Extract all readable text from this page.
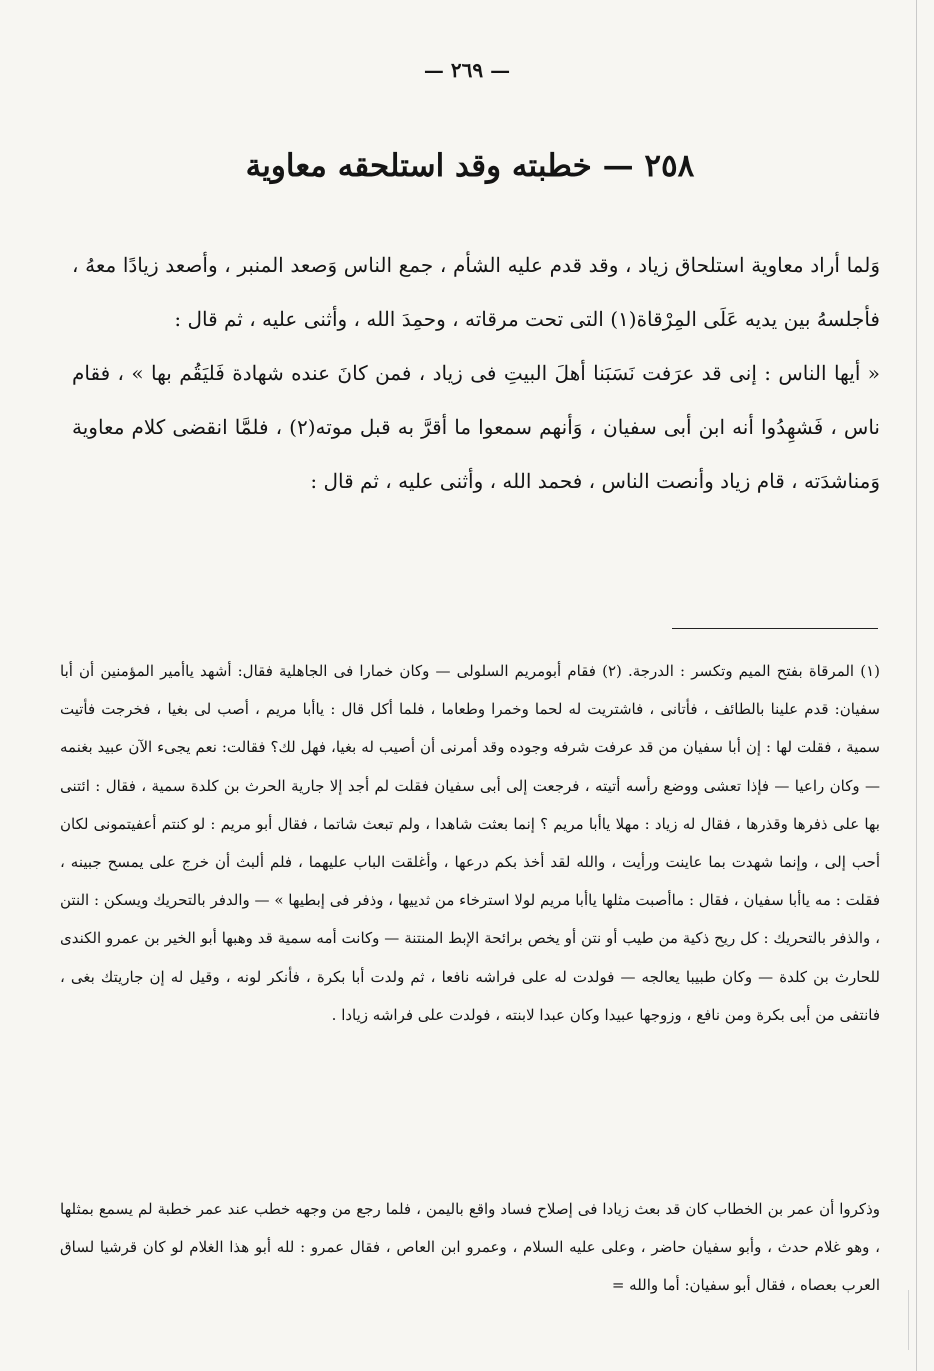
— ٢٦٩ —
٢٥٨ — خطبته وقد استلحقه معاوية

وَلما أراد معاوية استلحاق زياد ، وقد قدم عليه الشأم ، جمع الناس وَصعد المنبر ، وأصعد زيادًا معهُ ، فأجلسهُ بين يديه عَلَى المِرْقاة(١) التى تحت مرقاته ، وحمِدَ الله ، وأثنى عليه ، ثم قال :

« أيها الناس : إنى قد عرَفت نَسَبَنا أهلَ البيتِ فى زياد ، فمن كانَ عنده شهادة فَليَقُم بها » ، فقام ناس ، فَشهِدُوا أنه ابن أبى سفيان ، وَأنهم سمعوا ما أقرَّ به قبل موته(٢) ، فلمَّا انقضى كلام معاوية وَمناشدَته ، قام زياد وأنصت الناس ، فحمد الله ، وأثنى عليه ، ثم قال :

(١) المرقاة بفتح الميم وتكسر : الدرجة. (٢) فقام أبومريم السلولى — وكان خمارا فى الجاهلية فقال: أشهد ياأمير المؤمنين أن أبا سفيان: قدم علينا بالطائف ، فأتانى ، فاشتريت له لحما وخمرا وطعاما ، فلما أكل قال : ياأبا مريم ، أصب لى بغيا ، فخرجت فأتيت سمية ، فقلت لها : إن أبا سفيان من قد عرفت شرفه وجوده وقد أمرنى أن أصيب له بغيا، فهل لك؟ فقالت: نعم يجىء الآن عبيد بغنمه — وكان راعيا — فإذا تعشى ووضع رأسه أتيته ، فرجعت إلى أبى سفيان فقلت لم أجد إلا جارية الحرث بن كلدة سمية ، فقال : ائتنى بها على ذفرها وقذرها ، فقال له زياد : مهلا ياأبا مريم ؟ إنما بعثت شاهدا ، ولم تبعث شاتما ، فقال أبو مريم : لو كنتم أعفيتمونى لكان أحب إلى ، وإنما شهدت بما عاينت ورأيت ، والله لقد أخذ بكم درعها ، وأغلقت الباب عليهما ، فلم ألبث أن خرج على يمسح جبينه ، فقلت : مه ياأبا سفيان ، فقال : ماأصبت مثلها ياأبا مريم لولا استرخاء من ثدييها ، وذفر فى إبطيها » — والدفر بالتحريك ويسكن : النتن ، والذفر بالتحريك : كل ريح ذكية من طيب أو نتن أو يخص برائحة الإبط المنتنة — وكانت أمه سمية قد وهبها أبو الخير بن عمرو الكندى للحارث بن كلدة — وكان طبيبا يعالجه — فولدت له على فراشه نافعا ، ثم ولدت أبا بكرة ، فأنكر لونه ، وقيل له إن جاريتك بغى ، فانتفى من أبى بكرة ومن نافع ، وزوجها عبيدا وكان عبدا لابنته ، فولدت على فراشه زيادا .

وذكروا أن عمر بن الخطاب كان قد بعث زيادا فى إصلاح فساد واقع باليمن ، فلما رجع من وجهه خطب عند عمر خطبة لم يسمع بمثلها ، وهو غلام حدث ، وأبو سفيان حاضر ، وعلى عليه السلام ، وعمرو ابن العاص ، فقال عمرو : لله أبو هذا الغلام لو كان قرشيا لساق العرب بعصاه ، فقال أبو سفيان: أما والله =
